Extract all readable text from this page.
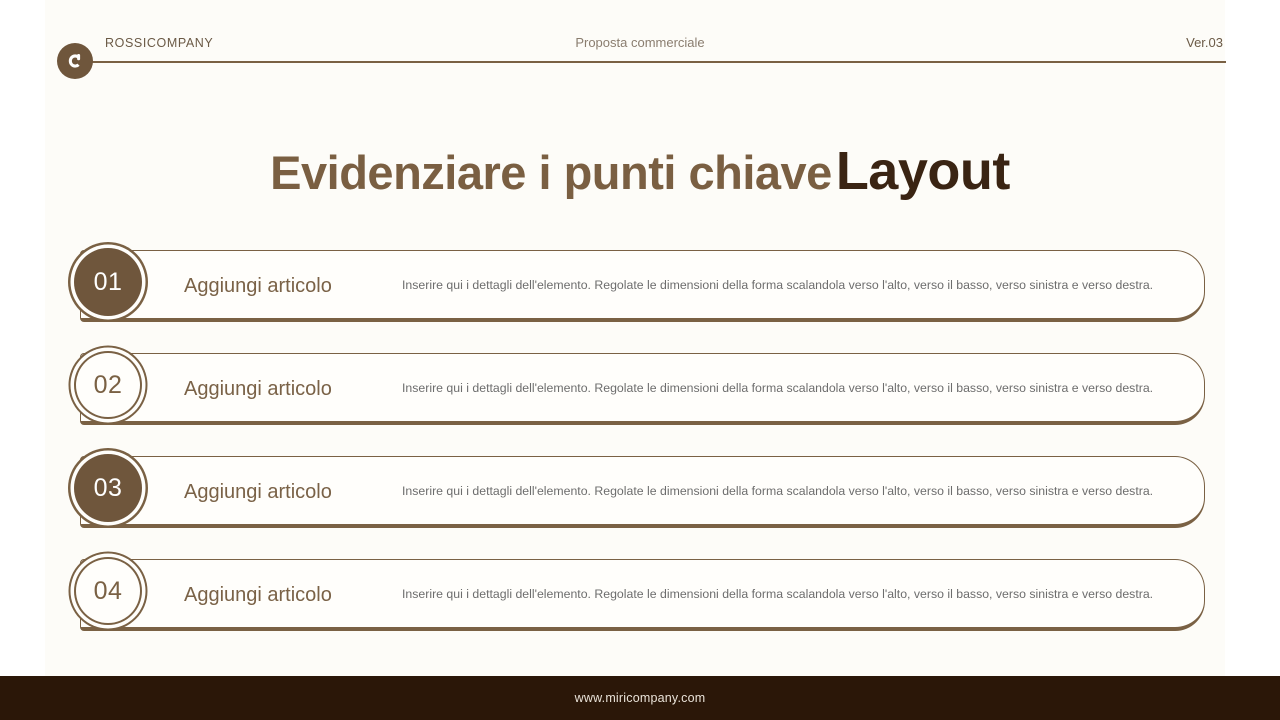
ROSSICOMPANY	Proposta commerciale	Ver.03
Evidenziare i punti chiaveLayout
01	Aggiungi articolo	Inserire qui i dettagli dell'elemento. Regolate le dimensioni della forma scalandola verso l'alto, verso il basso, verso sinistra e verso destra.
02	Aggiungi articolo	Inserire qui i dettagli dell'elemento. Regolate le dimensioni della forma scalandola verso l'alto, verso il basso, verso sinistra e verso destra.
03	Aggiungi articolo	Inserire qui i dettagli dell'elemento. Regolate le dimensioni della forma scalandola verso l'alto, verso il basso, verso sinistra e verso destra.
04	Aggiungi articolo	Inserire qui i dettagli dell'elemento. Regolate le dimensioni della forma scalandola verso l'alto, verso il basso, verso sinistra e verso destra.
www.miricompany.com
